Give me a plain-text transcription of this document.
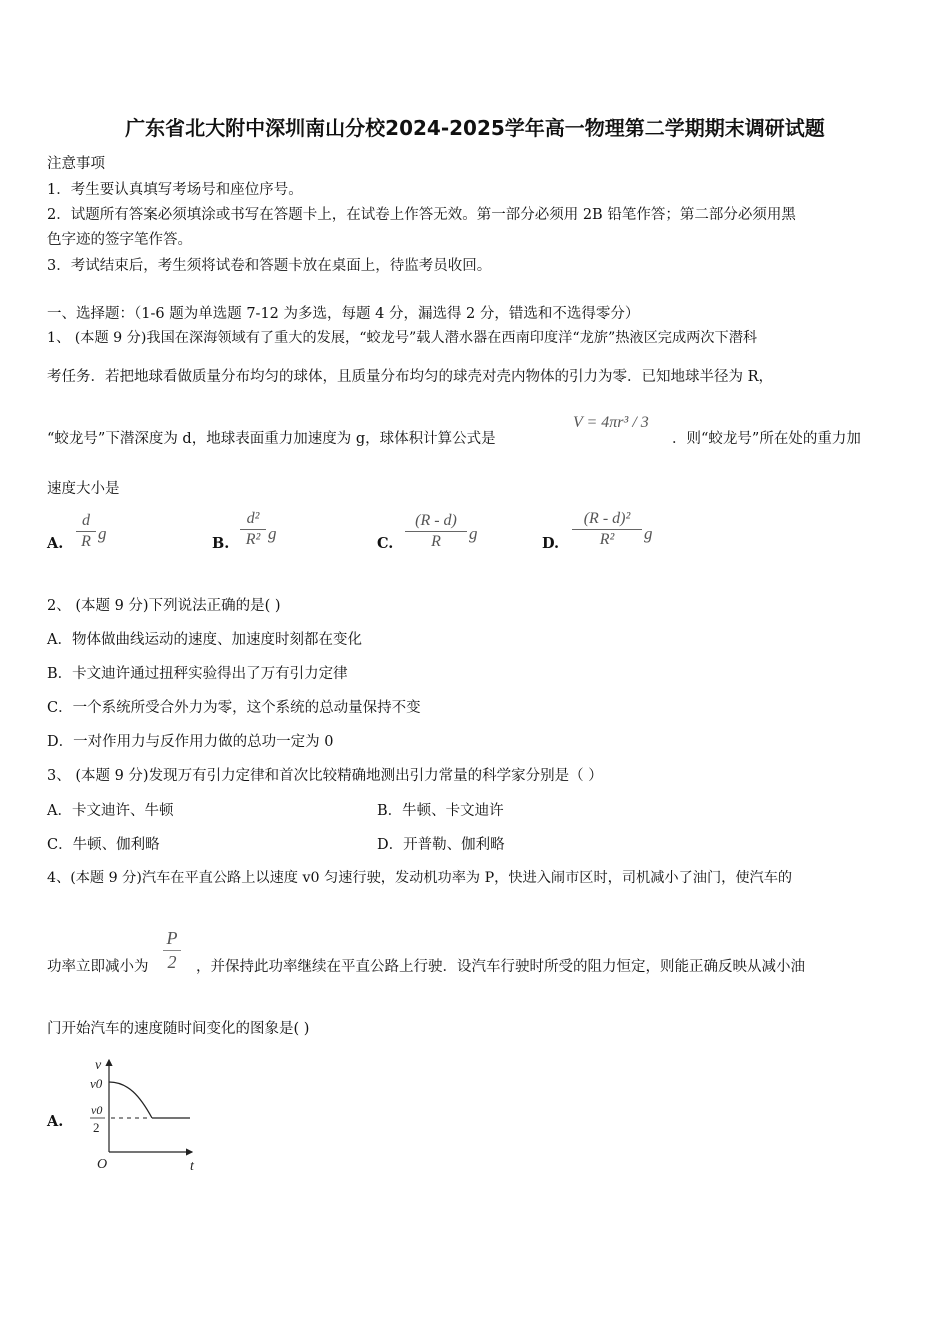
广东省北大附中深圳南山分校2024-2025学年高一物理第二学期期末调研试题
注意事项
1．考生要认真填写考场号和座位序号。
2．试题所有答案必须填涂或书写在答题卡上，在试卷上作答无效。第一部分必须用 2B 铅笔作答；第二部分必须用黑
色字迹的签字笔作答。
3．考试结束后，考生须将试卷和答题卡放在桌面上，待监考员收回。
一、选择题：（1-6 题为单选题 7-12 为多选，每题 4 分，漏选得 2 分，错选和不选得零分）
1、 (本题 9 分)我国在深海领域有了重大的发展，“蛟龙号”载人潜水器在西南印度洋“龙旂”热液区完成两次下潜科
考任务．若把地球看做质量分布均匀的球体，且质量分布均匀的球壳对壳内物体的引力为零．已知地球半径为 R，
“蛟龙号”下潜深度为 d，地球表面重力加速度为 g，球体积计算公式是
V = 4πr³ / 3
．则“蛟龙号”所在处的重力加
速度大小是
A.
d
R g
B.
d²
R² g
C.
(R - d)
R	g
D.
(R - d)²
R²	g
2、 (本题 9 分)下列说法正确的是( )
A．物体做曲线运动的速度、加速度时刻都在变化
B．卡文迪许通过扭秤实验得出了万有引力定律
C．一个系统所受合外力为零，这个系统的总动量保持不变
D．一对作用力与反作用力做的总功一定为 0
3、 (本题 9 分)发现万有引力定律和首次比较精确地测出引力常量的科学家分别是（ ）
A．卡文迪许、牛顿	B．牛顿、卡文迪许
C．牛顿、伽利略	D．开普勒、伽利略
4、(本题 9 分)汽车在平直公路上以速度 v0 匀速行驶，发动机功率为 P，快进入闹市区时，司机减小了油门，使汽车的
功率立即减小为
P
2	，并保持此功率继续在平直公路上行驶．设汽车行驶时所受的阻力恒定，则能正确反映从减小油
门开始汽车的速度随时间变化的图象是( )
A.
v
v0
v0
2
O	t
